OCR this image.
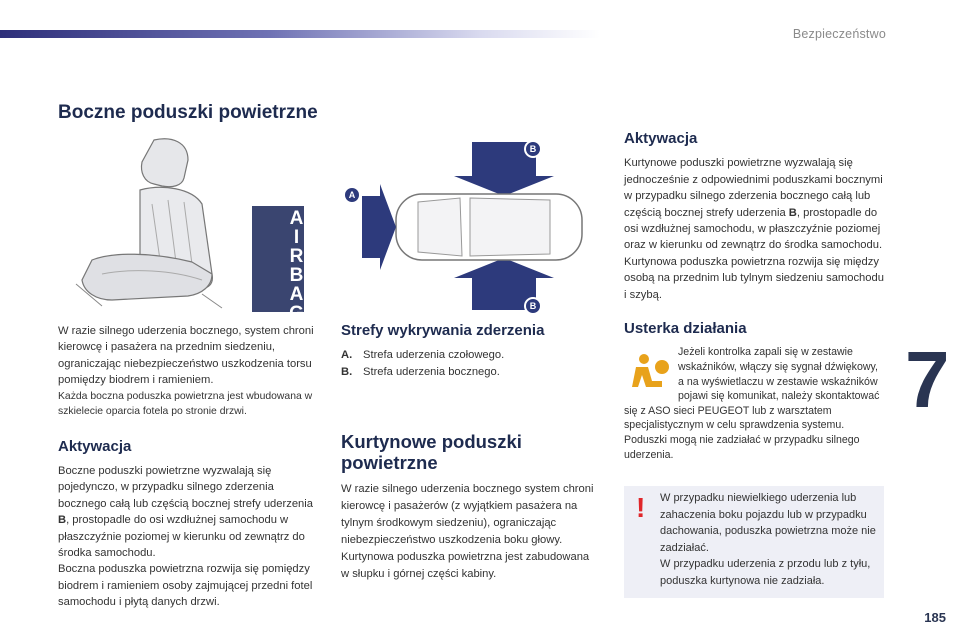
Bezpieczeństwo
Boczne poduszki powietrzne
7
185
AIRBAG
A
B
B

W razie silnego uderzenia bocznego, system chroni kierowcę i pasażera na przednim siedzeniu, ograniczając niebezpieczeństwo uszkodzenia torsu pomiędzy biodrem i ramieniem.

Każda boczna poduszka powietrzna jest wbudowana w szkielecie oparcia fotela po stronie drzwi.

Aktywacja

Boczne poduszki powietrzne wyzwalają się pojedynczo, w przypadku silnego zderzenia bocznego całą lub częścią bocznej strefy uderzenia B, prostopadle do osi wzdłużnej samochodu w płaszczyźnie poziomej w kierunku od zewnątrz do środka samochodu.

Boczna poduszka powietrzna rozwija się pomiędzy biodrem i ramieniem osoby zajmującej przedni fotel samochodu i płytą danych drzwi.

Strefy wykrywania zderzenia
A. Strefa uderzenia czołowego.
B. Strefa uderzenia bocznego.
Kurtynowe poduszki powietrzne

W razie silnego uderzenia bocznego system chroni kierowcę i pasażerów (z wyjątkiem pasażera na tylnym środkowym siedzeniu), ograniczając niebezpieczeństwo uszkodzenia boku głowy.

Kurtynowa poduszka powietrzna jest zabudowana w słupku i górnej części kabiny.

Aktywacja

Kurtynowe poduszki powietrzne wyzwalają się jednocześnie z odpowiednimi poduszkami bocznymi w przypadku silnego zderzenia bocznego całą lub częścią bocznej strefy uderzenia B, prostopadle do osi wzdłużnej samochodu, w płaszczyźnie poziomej oraz w kierunku od zewnątrz do środka samochodu.

Kurtynowa poduszka powietrzna rozwija się między osobą na przednim lub tylnym siedzeniu samochodu i szybą.

Usterka działania
Jeżeli kontrolka zapali się w zestawie wskaźników, włączy się sygnał dźwiękowy, a na wyświetlaczu w zestawie wskaźników pojawi się komunikat, należy skontaktować się z ASO sieci PEUGEOT lub z warsztatem specjalistycznym w celu sprawdzenia systemu. Poduszki mogą nie zadziałać w przypadku silnego uderzenia.
! W przypadku niewielkiego uderzenia lub zahaczenia boku pojazdu lub w przypadku dachowania, poduszka powietrzna może nie zadziałać.

W przypadku uderzenia z przodu lub z tyłu, poduszka kurtynowa nie zadziała.
